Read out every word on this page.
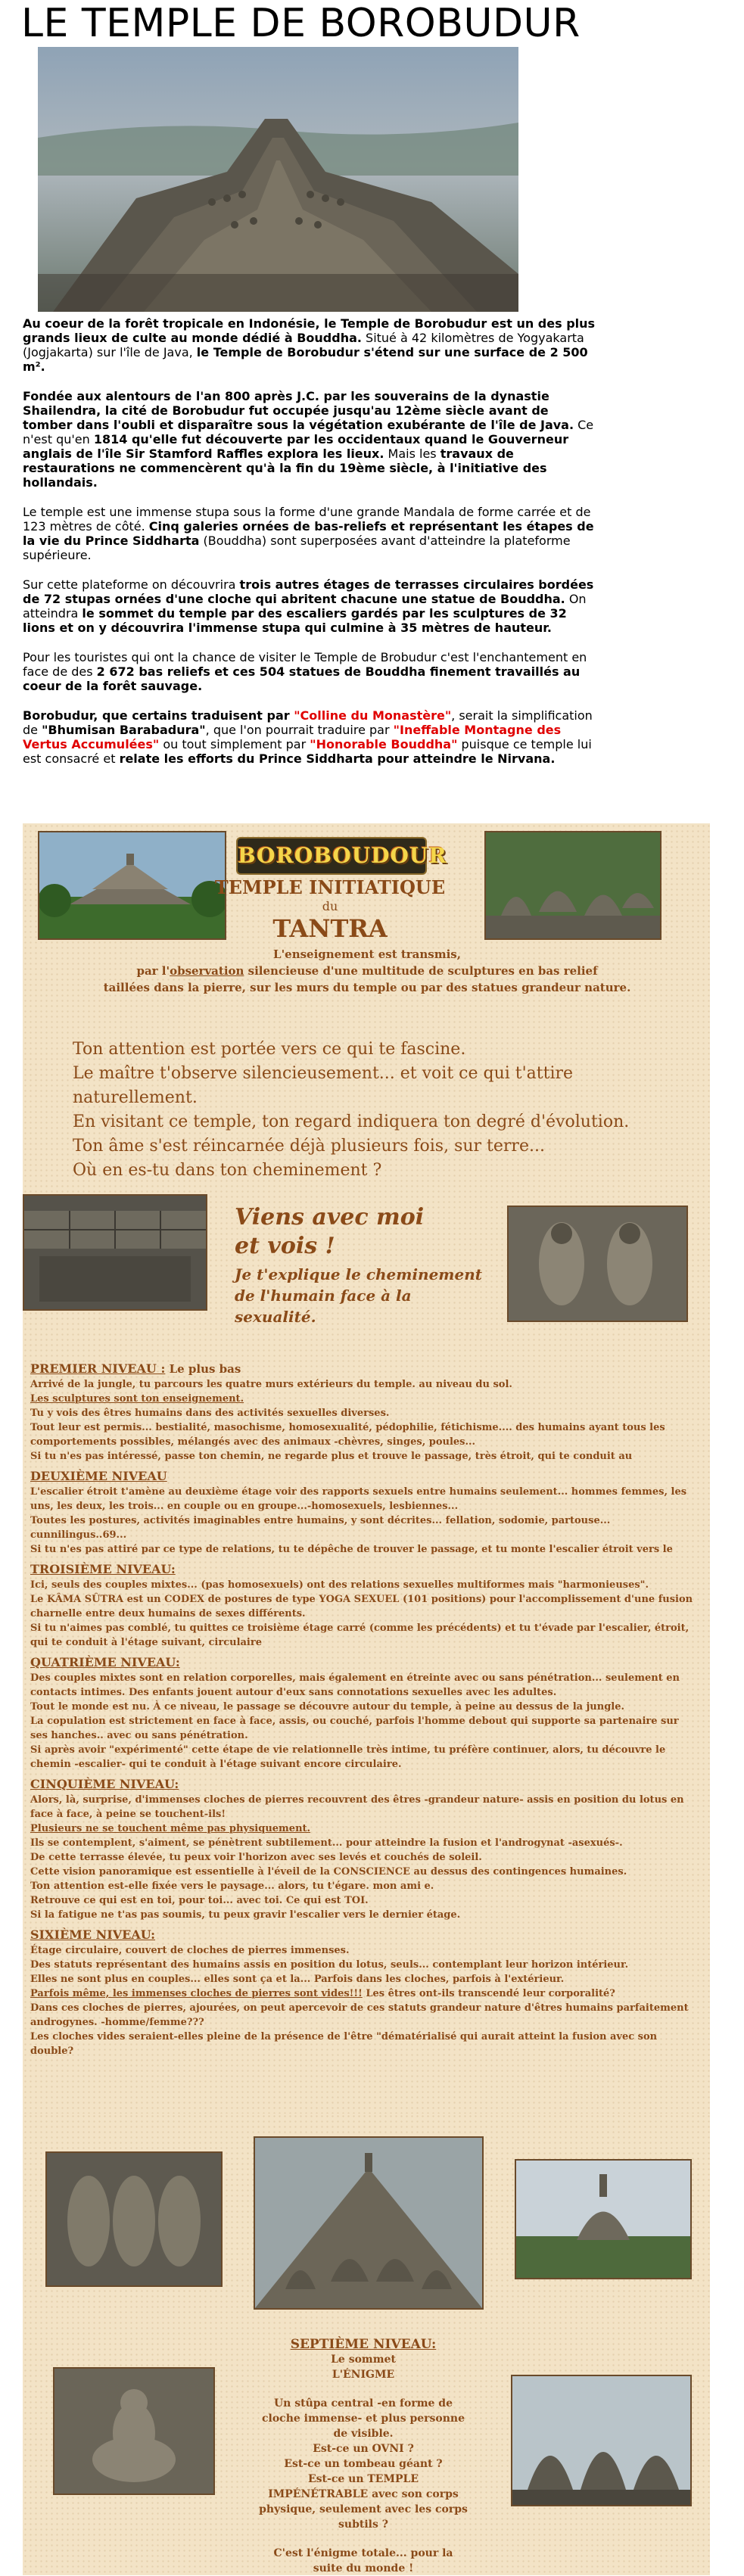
LE TEMPLE DE BOROBUDUR

Au coeur de la forêt tropicale en Indonésie, le Temple de Borobudur est un des plus grands lieux de culte au monde dédié à Bouddha. Situé à 42 kilomètres de Yogyakarta (Jogjakarta) sur l'île de Java, le Temple de Borobudur s'étend sur une surface de 2 500 m².

Fondée aux alentours de l'an 800 après J.C. par les souverains de la dynastie Shailendra, la cité de Borobudur fut occupée jusqu'au 12ème siècle avant de tomber dans l'oubli et disparaître sous la végétation exubérante de l'île de Java. Ce n'est qu'en 1814 qu'elle fut découverte par les occidentaux quand le Gouverneur anglais de l'île Sir Stamford Raffles explora les lieux. Mais les travaux de restaurations ne commencèrent qu'à la fin du 19ème siècle, à l'initiative des hollandais.

Le temple est une immense stupa sous la forme d'une grande Mandala de forme carrée et de 123 mètres de côté. Cinq galeries ornées de bas-reliefs et représentant les étapes de la vie du Prince Siddharta (Bouddha) sont superposées avant d'atteindre la plateforme supérieure.

Sur cette plateforme on découvrira trois autres étages de terrasses circulaires bordées de 72 stupas ornées d'une cloche qui abritent chacune une statue de Bouddha. On atteindra le sommet du temple par des escaliers gardés par les sculptures de 32 lions et on y découvrira l'immense stupa qui culmine à 35 mètres de hauteur.

Pour les touristes qui ont la chance de visiter le Temple de Brobudur c'est l'enchantement en face de des 2 672 bas reliefs et ces 504 statues de Bouddha finement travaillés au coeur de la forêt sauvage.

Borobudur, que certains traduisent par "Colline du Monastère", serait la simplification de "Bhumisan Barabadura", que l'on pourrait traduire par "Ineffable Montagne des Vertus Accumulées" ou tout simplement par "Honorable Bouddha" puisque ce temple lui est consacré et relate les efforts du Prince Siddharta pour atteindre le Nirvana.

BOROBOUDOUR
TEMPLE INITIATIQUE
du
TANTRA
L'enseignement est transmis,
par l'observation silencieuse d'une multitude de sculptures en bas relief
taillées dans la pierre, sur les murs du temple ou par des statues grandeur nature.
Ton attention est portée vers ce qui te fascine.
Le maître t'observe silencieusement... et voit ce qui t'attire naturellement.
En visitant ce temple, ton regard indiquera ton degré d'évolution.
Ton âme s'est réincarnée déjà plusieurs fois, sur terre...
Où en es-tu dans ton cheminement ?
Viens avec moi
et vois !
Je t'explique le cheminement de l'humain face à la sexualité.
PREMIER NIVEAU : Le plus bas

Arrivé de la jungle, tu parcours les quatre murs extérieurs du temple. au niveau du sol.

Les sculptures sont ton enseignement.

Tu y vois des êtres humains dans des activités sexuelles diverses.

Tout leur est permis... bestialité, masochisme, homosexualité, pédophilie, fétichisme.... des humains ayant tous les comportements possibles, mélangés avec des animaux -chèvres, singes, poules...

Si tu n'es pas intéressé, passe ton chemin, ne regarde plus et trouve le passage, très étroit, qui te conduit au

DEUXIÈME NIVEAU

L'escalier étroit t'amène au deuxième étage voir des rapports sexuels entre humains seulement... hommes femmes, les uns, les deux, les trois... en couple ou en groupe...-homosexuels, lesbiennes...

Toutes les postures, activités imaginables entre humains, y sont décrites... fellation, sodomie, partouse... cunnilingus..69...

Si tu n'es pas attiré par ce type de relations, tu te dépêche de trouver le passage, et tu monte l'escalier étroit vers le

TROISIÈME NIVEAU:

Ici, seuls des couples mixtes... (pas homosexuels) ont des relations sexuelles multiformes mais "harmonieuses".

Le KÂMA SÛTRA est un CODEX de postures de type YOGA SEXUEL (101 positions) pour l'accomplissement d'une fusion charnelle entre deux humains de sexes différents.

Si tu n'aimes pas comblé, tu quittes ce troisième étage carré (comme les précédents) et tu t'évade par l'escalier, étroit, qui te conduit à l'étage suivant, circulaire

QUATRIÈME NIVEAU:

Des couples mixtes sont en relation corporelles, mais également en étreinte avec ou sans pénétration... seulement en contacts intimes. Des enfants jouent autour d'eux sans connotations sexuelles avec les adultes.

Tout le monde est nu. À ce niveau, le passage se découvre autour du temple, à peine au dessus de la jungle.

La copulation est strictement en face à face, assis, ou couché, parfois l'homme debout qui supporte sa partenaire sur ses hanches.. avec ou sans pénétration.

Si après avoir "expérimenté" cette étape de vie relationnelle très intime, tu préfère continuer, alors, tu découvre le chemin -escalier- qui te conduit à l'étage suivant encore circulaire.

CINQUIÈME NIVEAU:

Alors, là, surprise, d'immenses cloches de pierres recouvrent des êtres -grandeur nature- assis en position du lotus en face à face, à peine se touchent-ils!

Plusieurs ne se touchent même pas physiquement.

Ils se contemplent, s'aiment, se pénètrent subtilement... pour atteindre la fusion et l'androgynat -asexués-.

De cette terrasse élevée, tu peux voir l'horizon avec ses levés et couchés de soleil.

Cette vision panoramique est essentielle à l'éveil de la CONSCIENCE au dessus des contingences humaines.

Ton attention est-elle fixée vers le paysage... alors, tu t'égare. mon ami e.

Retrouve ce qui est en toi, pour toi... avec toi. Ce qui est TOI.

Si la fatigue ne t'as pas soumis, tu peux gravir l'escalier vers le dernier étage.

SIXIÈME NIVEAU:

Étage circulaire, couvert de cloches de pierres immenses.

Des statuts représentant des humains assis en position du lotus, seuls... contemplant leur horizon intérieur.

Elles ne sont plus en couples... elles sont ça et la... Parfois dans les cloches, parfois à l'extérieur.

Parfois même, les immenses cloches de pierres sont vides!!! Les êtres ont-ils transcendé leur corporalité?

Dans ces cloches de pierres, ajourées, on peut apercevoir de ces statuts grandeur nature d'êtres humains parfaitement androgynes. -homme/femme???

Les cloches vides seraient-elles pleine de la présence de l'être "dématérialisé qui aurait atteint la fusion avec son double?

SEPTIÈME NIVEAU:

Le sommet

L'ÉNIGME

Un stûpa central -en forme de cloche immense- et plus personne de visible.

Est-ce un OVNI ?

Est-ce un tombeau géant ?

Est-ce un TEMPLE IMPÉNÉTRABLE avec son corps physique, seulement avec les corps subtils ?

C'est l'énigme totale... pour la suite du monde !
